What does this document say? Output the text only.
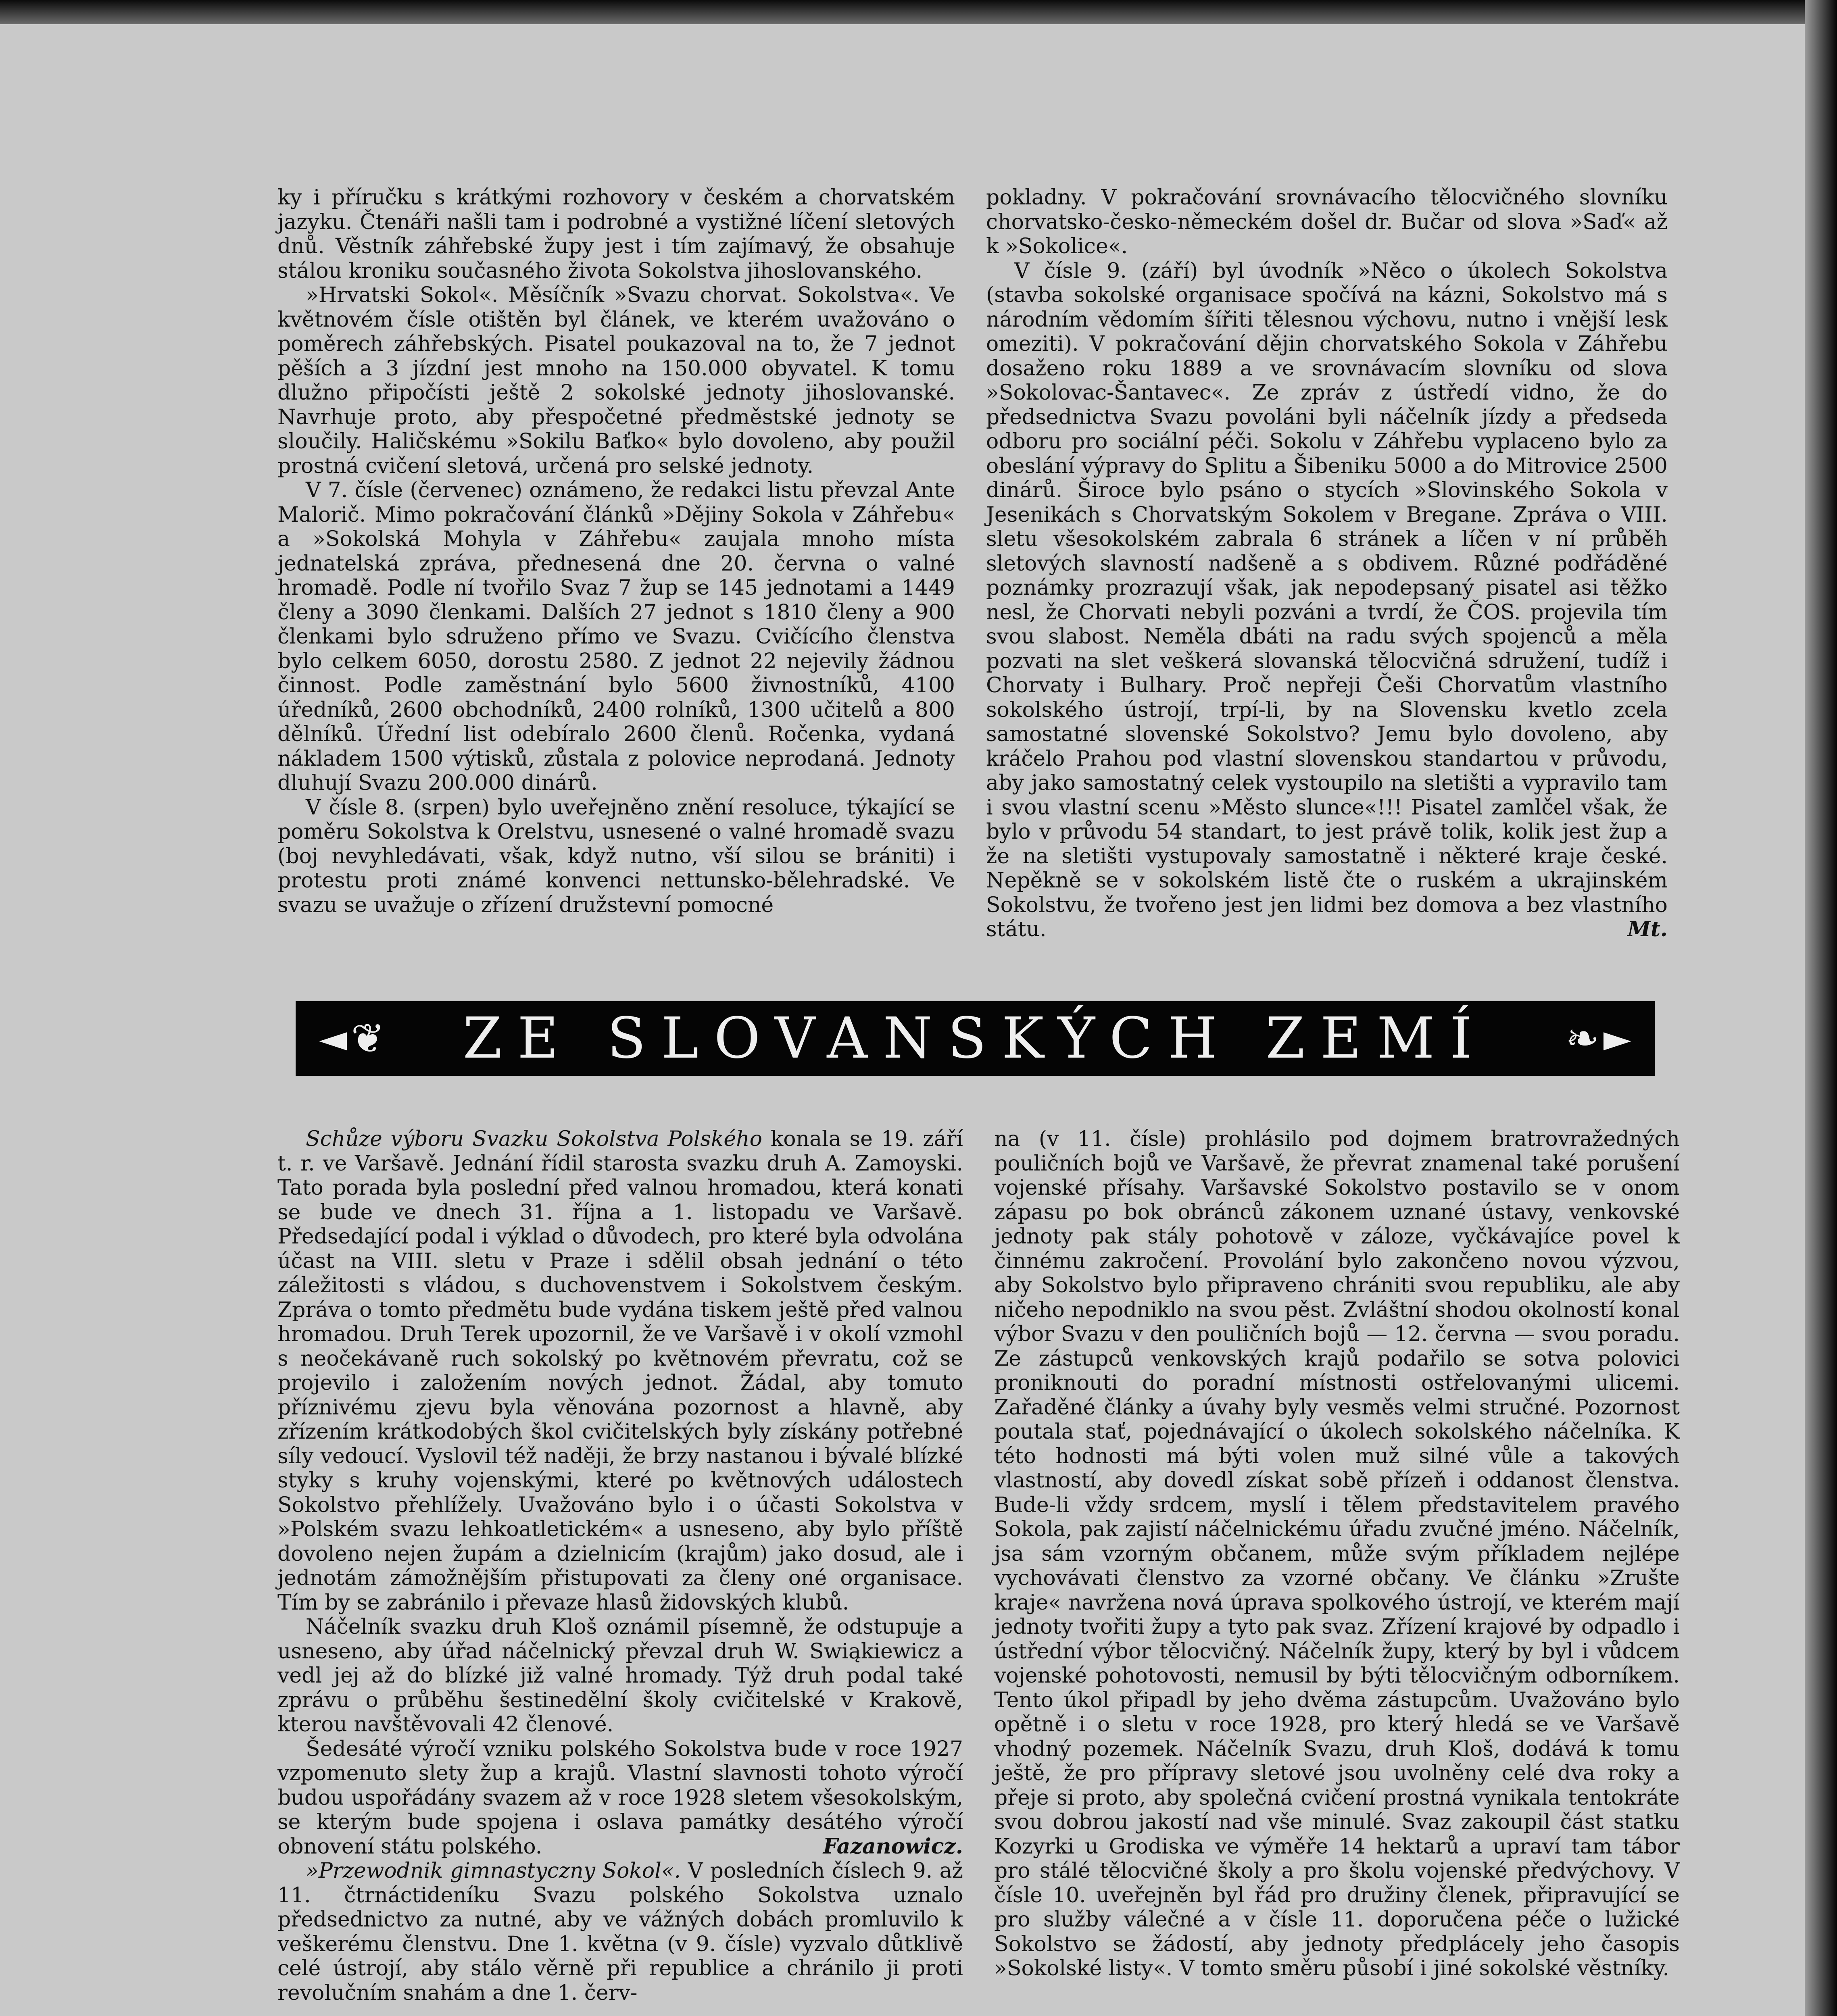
ky i příručku s krátkými rozhovory v českém a chorvatském jazyku. Čtenáři našli tam i podrobné a vystižné líčení sletových dnů. Věstník záhřebské župy jest i tím zajímavý, že obsahuje stálou kroniku současného života Sokolstva jihoslovanského.

»Hrvatski Sokol«. Měsíčník »Svazu chorvat. Sokolstva«. Ve květnovém čísle otištěn byl článek, ve kterém uvažováno o poměrech záhřebských. Pisatel poukazoval na to, že 7 jednot pěších a 3 jízdní jest mnoho na 150.000 obyvatel. K tomu dlužno připočísti ještě 2 sokolské jednoty jihoslovanské. Navrhuje proto, aby přespočetné předměstské jednoty se sloučily. Haličskému »Sokilu Baťko« bylo dovoleno, aby použil prostná cvičení sletová, určená pro selské jednoty.

V 7. čísle (červenec) oznámeno, že redakci listu převzal Ante Malorič. Mimo pokračování článků »Dějiny Sokola v Záhřebu« a »Sokolská Mohyla v Záhřebu« zaujala mnoho místa jednatelská zpráva, přednesená dne 20. června o valné hromadě. Podle ní tvořilo Svaz 7 žup se 145 jednotami a 1449 členy a 3090 členkami. Dalších 27 jednot s 1810 členy a 900 členkami bylo sdruženo přímo ve Svazu. Cvičícího členstva bylo celkem 6050, dorostu 2580. Z jednot 22 nejevily žádnou činnost. Podle zaměstnání bylo 5600 živnostníků, 4100 úředníků, 2600 obchodníků, 2400 rolníků, 1300 učitelů a 800 dělníků. Úřední list odebíralo 2600 členů. Ročenka, vydaná nákladem 1500 výtisků, zůstala z polovice neprodaná. Jednoty dluhují Svazu 200.000 dinárů.

V čísle 8. (srpen) bylo uveřejněno znění resoluce, týkající se poměru Sokolstva k Orelstvu, usnesené o valné hromadě svazu (boj nevyhledávati, však, když nutno, vší silou se brániti) i protestu proti známé konvenci nettunsko-bělehradské. Ve svazu se uvažuje o zřízení družstevní pomocné

pokladny. V pokračování srovnávacího tělocvičného slovníku chorvatsko-česko-německém došel dr. Bučar od slova »Saď« až k »Sokolice«.

V čísle 9. (září) byl úvodník »Něco o úkolech Sokolstva (stavba sokolské organisace spočívá na kázni, Sokolstvo má s národním vědomím šířiti tělesnou výchovu, nutno i vnější lesk omeziti). V pokračování dějin chorvatského Sokola v Záhřebu dosaženo roku 1889 a ve srovnávacím slovníku od slova »Sokolovac-Šantavec«. Ze zpráv z ústředí vidno, že do předsednictva Svazu povoláni byli náčelník jízdy a předseda odboru pro sociální péči. Sokolu v Záhřebu vyplaceno bylo za obeslání výpravy do Splitu a Šibeniku 5000 a do Mitrovice 2500 dinárů. Široce bylo psáno o stycích »Slovinského Sokola v Jesenikách s Chorvatským Sokolem v Bregane. Zpráva o VIII. sletu všesokolském zabrala 6 stránek a líčen v ní průběh sletových slavností nadšeně a s obdivem. Různé podřáděné poznámky prozrazují však, jak nepodepsaný pisatel asi těžko nesl, že Chorvati nebyli pozváni a tvrdí, že ČOS. projevila tím svou slabost. Neměla dbáti na radu svých spojenců a měla pozvati na slet veškerá slovanská tělocvičná sdružení, tudíž i Chorvaty i Bulhary. Proč nepřeji Češi Chorvatům vlastního sokolského ústrojí, trpí-li, by na Slovensku kvetlo zcela samostatné slovenské Sokolstvo? Jemu bylo dovoleno, aby kráčelo Prahou pod vlastní slovenskou standartou v průvodu, aby jako samostatný celek vystoupilo na sletišti a vypravilo tam i svou vlastní scenu »Město slunce«!!! Pisatel zamlčel však, že bylo v průvodu 54 standart, to jest právě tolik, kolik jest žup a že na sletišti vystupovaly samostatně i některé kraje české. Nepěkně se v sokolském listě čte o ruském a ukrajinském Sokolstvu, že tvořeno jest jen lidmi bez domova a bez vlastního státu.	Mt.

◄ ❦ ZE SLOVANSKÝCH ZEMÍ ❧ ►

Schůze výboru Svazku Sokolstva Polského konala se 19. září t. r. ve Varšavě. Jednání řídil starosta svazku druh A. Zamoyski. Tato porada byla poslední před valnou hromadou, která konati se bude ve dnech 31. října a 1. listopadu ve Varšavě. Předsedající podal i výklad o důvodech, pro které byla odvolána účast na VIII. sletu v Praze i sdělil obsah jednání o této záležitosti s vládou, s duchovenstvem i Sokolstvem českým. Zpráva o tomto předmětu bude vydána tiskem ještě před valnou hromadou. Druh Terek upozornil, že ve Varšavě i v okolí vzmohl s neočekávaně ruch sokolský po květnovém převratu, což se projevilo i založením nových jednot. Žádal, aby tomuto příznivému zjevu byla věnována pozornost a hlavně, aby zřízením krátkodobých škol cvičitelských byly získány potřebné síly vedoucí. Vyslovil též naději, že brzy nastanou i bývalé blízké styky s kruhy vojenskými, které po květnových událostech Sokolstvo přehlížely. Uvažováno bylo i o účasti Sokolstva v »Polském svazu lehkoatletickém« a usneseno, aby bylo příště dovoleno nejen župám a dzielnicím (krajům) jako dosud, ale i jednotám zámožnějším přistupovati za členy oné organisace. Tím by se zabránilo i převaze hlasů židovských klubů.

Náčelník svazku druh Kloš oznámil písemně, že odstupuje a usneseno, aby úřad náčelnický převzal druh W. Swiąkiewicz a vedl jej až do blízké již valné hromady. Týž druh podal také zprávu o průběhu šestinedělní školy cvičitelské v Krakově, kterou navštěvovali 42 členové.

Šedesáté výročí vzniku polského Sokolstva bude v roce 1927 vzpomenuto slety žup a krajů. Vlastní slavnosti tohoto výročí budou uspořádány svazem až v roce 1928 sletem všesokolským, se kterým bude spojena i oslava památky desátého výročí obnovení státu polského.	Fazanowicz.

»Przewodnik gimnastyczny Sokol«. V posledních číslech 9. až 11. čtrnáctideníku Svazu polského Sokolstva uznalo předsednictvo za nutné, aby ve vážných dobách promluvilo k veškerému členstvu. Dne 1. května (v 9. čísle) vyzvalo důtklivě celé ústrojí, aby stálo věrně při republice a chránilo ji proti revolučním snahám a dne 1. červ-

na (v 11. čísle) prohlásilo pod dojmem bratrovražedných pouličních bojů ve Varšavě, že převrat znamenal také porušení vojenské přísahy. Varšavské Sokolstvo postavilo se v onom zápasu po bok obránců zákonem uznané ústavy, venkovské jednoty pak stály pohotově v záloze, vyčkávajíce povel k činnému zakročení. Provolání bylo zakončeno novou výzvou, aby Sokolstvo bylo připraveno chrániti svou republiku, ale aby ničeho nepodniklo na svou pěst. Zvláštní shodou okolností konal výbor Svazu v den pouličních bojů — 12. června — svou poradu. Ze zástupců venkovských krajů podařilo se sotva polovici proniknouti do poradní místnosti ostřelovanými ulicemi. Zařaděné články a úvahy byly vesměs velmi stručné. Pozornost poutala stať, pojednávající o úkolech sokolského náčelníka. K této hodnosti má býti volen muž silné vůle a takových vlastností, aby dovedl získat sobě přízeň i oddanost členstva. Bude-li vždy srdcem, myslí i tělem představitelem pravého Sokola, pak zajistí náčelnickému úřadu zvučné jméno. Náčelník, jsa sám vzorným občanem, může svým příkladem nejlépe vychovávati členstvo za vzorné občany. Ve článku »Zrušte kraje« navržena nová úprava spolkového ústrojí, ve kterém mají jednoty tvořiti župy a tyto pak svaz. Zřízení krajové by odpadlo i ústřední výbor tělocvičný. Náčelník župy, který by byl i vůdcem vojenské pohotovosti, nemusil by býti tělocvičným odborníkem. Tento úkol připadl by jeho dvěma zástupcům. Uvažováno bylo opětně i o sletu v roce 1928, pro který hledá se ve Varšavě vhodný pozemek. Náčelník Svazu, druh Kloš, dodává k tomu ještě, že pro přípravy sletové jsou uvolněny celé dva roky a přeje si proto, aby společná cvičení prostná vynikala tentokráte svou dobrou jakostí nad vše minulé. Svaz zakoupil část statku Kozyrki u Grodiska ve výměře 14 hektarů a upraví tam tábor pro stálé tělocvičné školy a pro školu vojenské předvýchovy. V čísle 10. uveřejněn byl řád pro družiny členek, připravující se pro služby válečné a v čísle 11. doporučena péče o lužické Sokolstvo se žádostí, aby jednoty předplácely jeho časopis »Sokolské listy«. V tomto směru působí i jiné sokolské věstníky.
